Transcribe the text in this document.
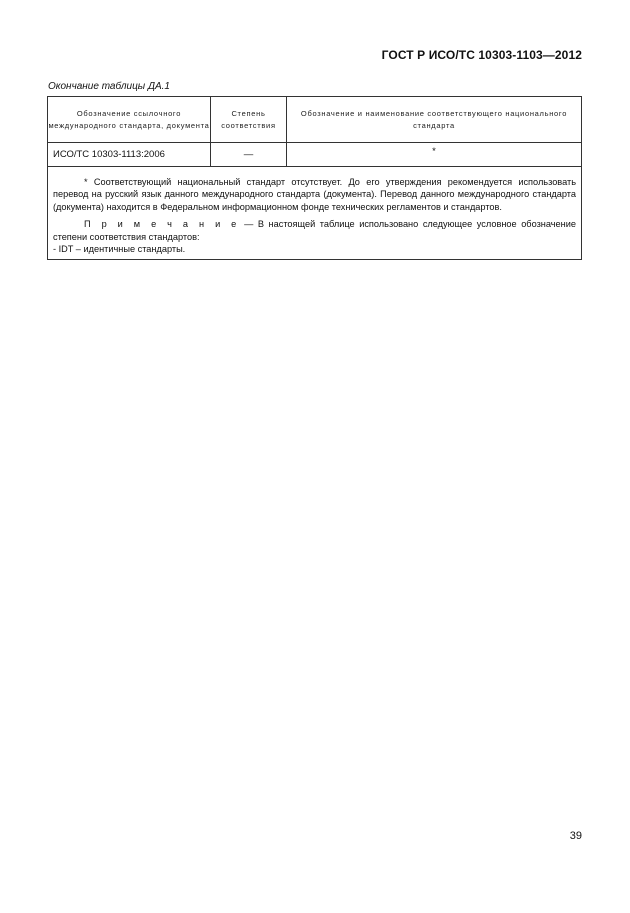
ГОСТ Р ИСО/ТС 10303-1103—2012
Окончание таблицы ДА.1
Обозначение ссылочного международного стандарта, документа	Степень соответствия	Обозначение и наименование соответствующего национального стандарта
ИСО/ТС 10303-1113:2006	—	*

* Соответствующий национальный стандарт отсутствует. До его утверждения рекомендуется использовать перевод на русский язык данного международного стандарта (документа). Перевод данного международного стандарта (документа) находится в Федеральном информационном фонде технических регламентов и стандартов.

П р и м е ч а н и е — В настоящей таблице использовано следующее условное обозначение степени соответствия стандартов:

- IDT – идентичные стандарты.		

39
